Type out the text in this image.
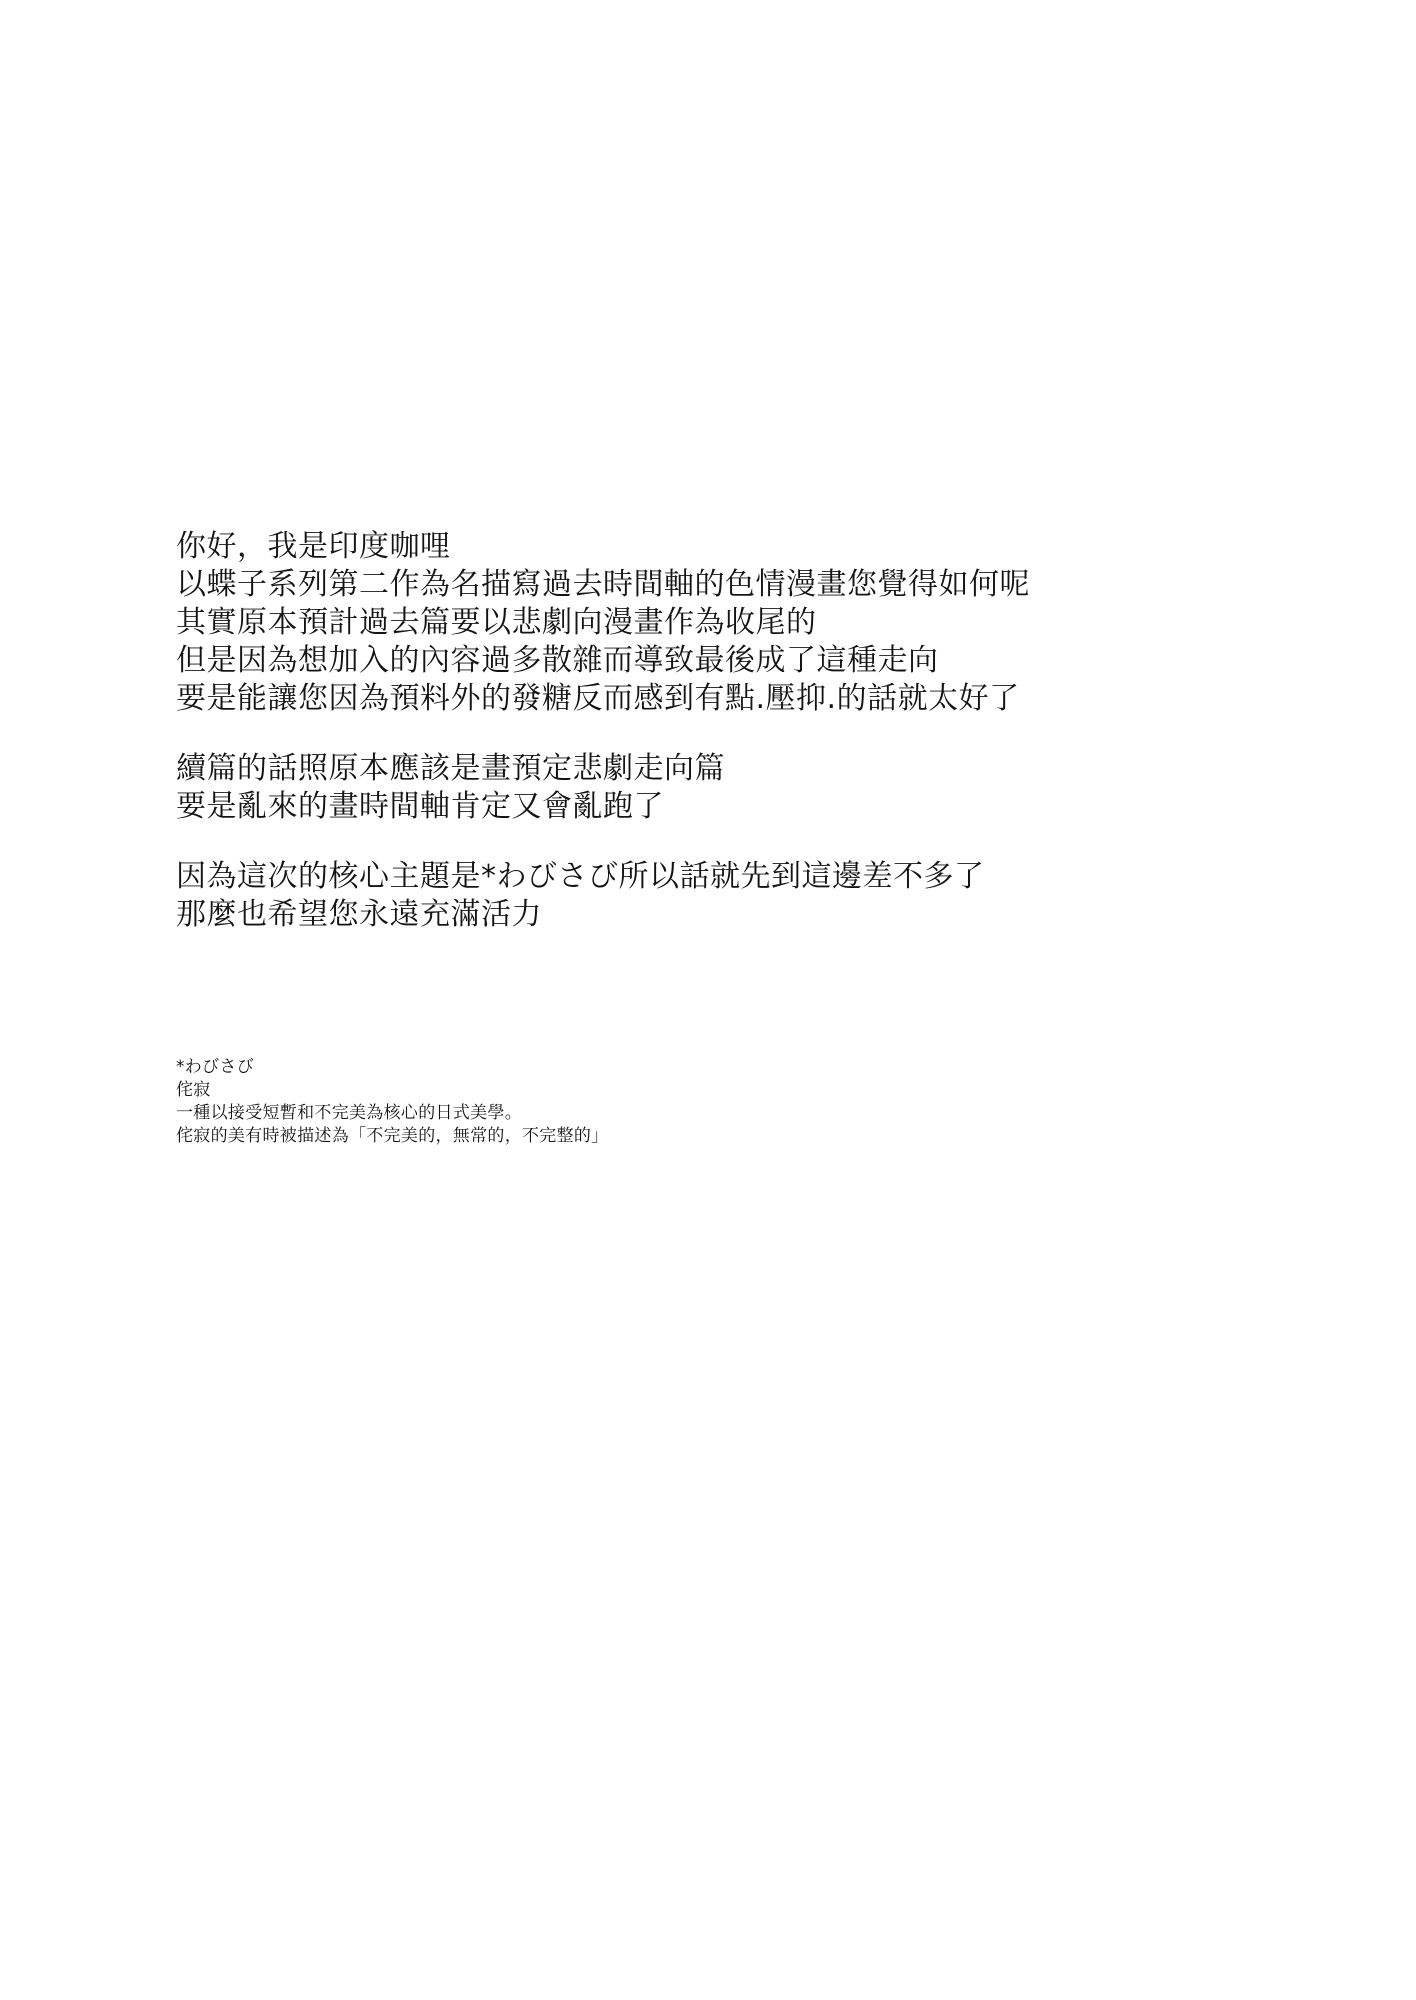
你好，我是印度咖哩
以蝶子系列第二作為名描寫過去時間軸的色情漫畫您覺得如何呢
其實原本預計過去篇要以悲劇向漫畫作為收尾的
但是因為想加入的內容過多散雜而導致最後成了這種走向
要是能讓您因為預料外的發糖反而感到有點.壓抑.的話就太好了
續篇的話照原本應該是畫預定悲劇走向篇
要是亂來的畫時間軸肯定又會亂跑了
因為這次的核心主題是*わびさび所以話就先到這邊差不多了
那麼也希望您永遠充滿活力
*わびさび
侘寂
一種以接受短暫和不完美為核心的日式美學。
侘寂的美有時被描述為「不完美的，無常的，不完整的」
